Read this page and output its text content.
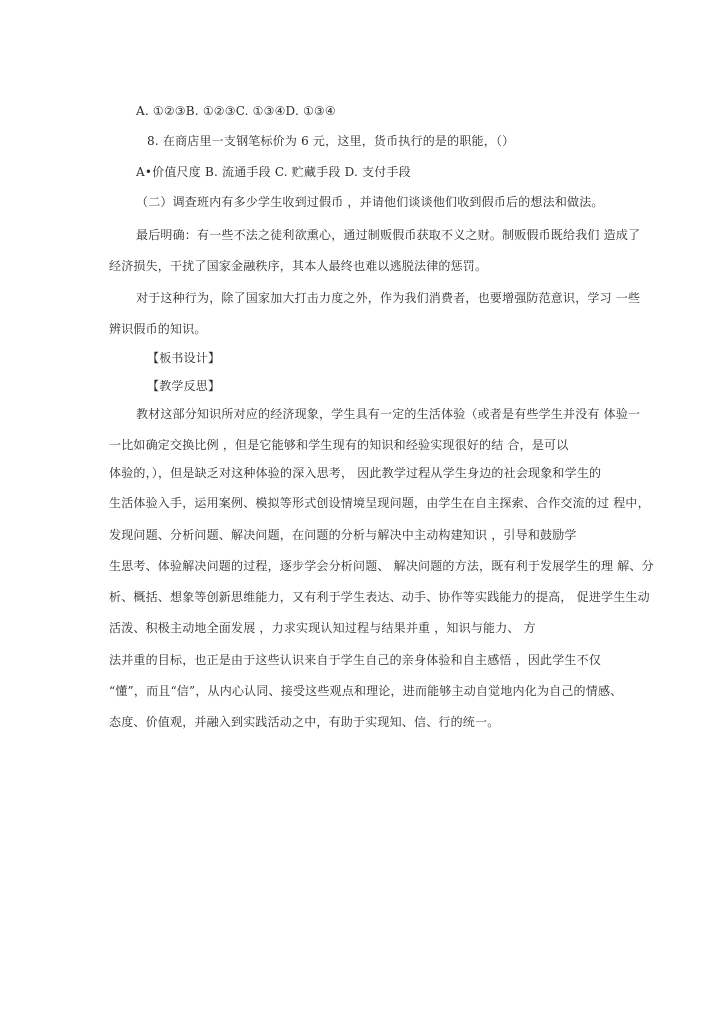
A. ①②③B. ①②③C. ①③④D. ①③④
8. 在商店里一支钢笔标价为 6 元，这里，货币执行的是的职能，（）
A•价值尺度 B. 流通手段 C. 贮藏手段 D. 支付手段
（二）调查班内有多少学生收到过假币 ，并请他们谈谈他们收到假币后的想法和做法。
最后明确：有一些不法之徒利欲熏心，通过制贩假币获取不义之财。制贩假币既给我们 造成了
经济损失，干扰了国家金融秩序，其本人最终也难以逃脱法律的惩罚。
对于这种行为，除了国家加大打击力度之外，作为我们消费者，也要增强防范意识，学习 一些
辨识假币的知识。
【板书设计】
【教学反思】
教材这部分知识所对应的经济现象，学生具有一定的生活体验（或者是有些学生并没有 体验一
一比如确定交换比例 ，但是它能够和学生现有的知识和经验实现很好的结 合，是可以
体验的，），但是缺乏对这种体验的深入思考， 因此教学过程从学生身边的社会现象和学生的
生活体验入手，运用案例、模拟等形式创设情境呈现问题，由学生在自主探索、合作交流的过 程中，
发现问题、分析问题、解决问题，在问题的分析与解决中主动构建知识 ，引导和鼓励学
生思考、体验解决问题的过程，逐步学会分析问题、 解决问题的方法，既有利于发展学生的理 解、分
析、概括、想象等创新思维能力，又有利于学生表达、动手、协作等实践能力的提高， 促进学生生动
活泼、积极主动地全面发展 ，力求实现认知过程与结果并重 ，知识与能力、 方
法并重的目标，也正是由于这些认识来自于学生自己的亲身体验和自主感悟 ，因此学生不仅
“懂”，而且“信”，从内心认同、接受这些观点和理论，进而能够主动自觉地内化为自己的情感、
态度、价值观，并融入到实践活动之中，有助于实现知、信、行的统一。
